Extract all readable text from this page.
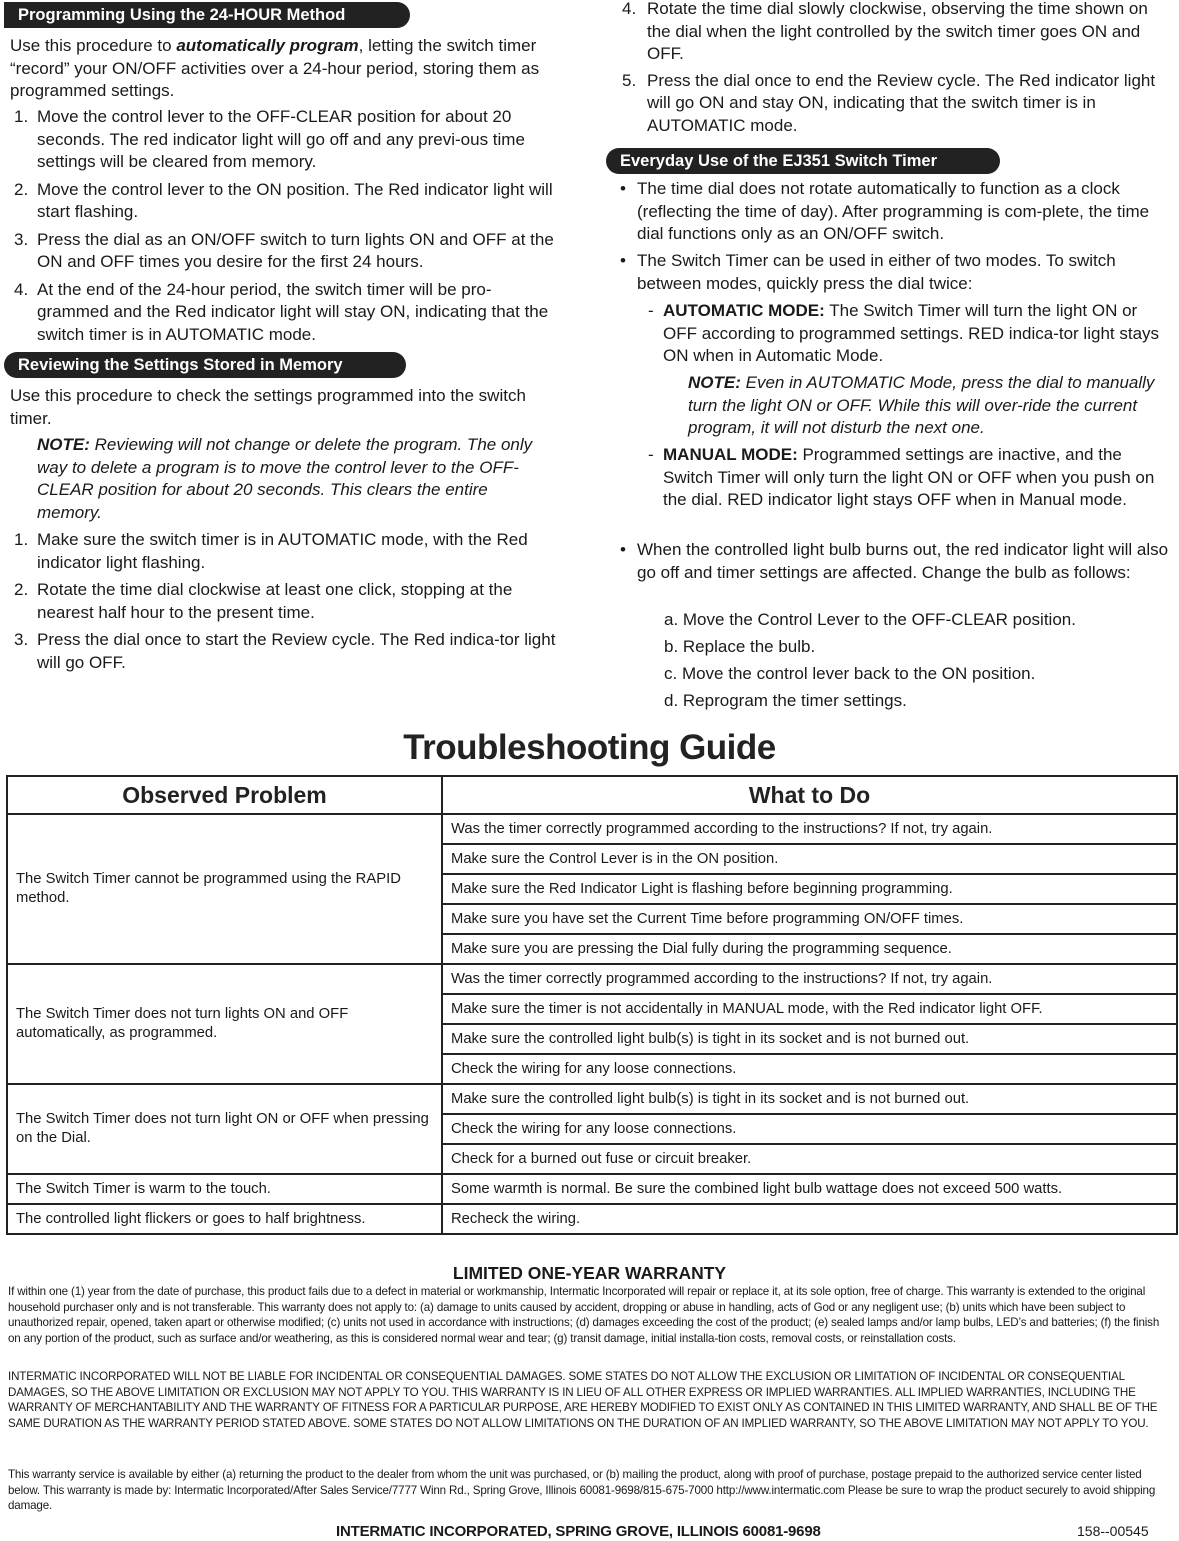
Programming Using the 24-HOUR Method

Use this procedure to automatically program, letting the switch timer “record” your ON/OFF activities over a 24-hour period, storing them as programmed settings.

1. Move the control lever to the OFF-CLEAR position for about 20 seconds. The red indicator light will go off and any previ-ous time settings will be cleared from memory.
2. Move the control lever to the ON position. The Red indicator light will start flashing.
3. Press the dial as an ON/OFF switch to turn lights ON and OFF at the ON and OFF times you desire for the first 24 hours.
4. At the end of the 24-hour period, the switch timer will be pro-grammed and the Red indicator light will stay ON, indicating that the switch timer is in AUTOMATIC mode.
Reviewing the Settings Stored in Memory

Use this procedure to check the settings programmed into the switch timer.

NOTE: Reviewing will not change or delete the program. The only way to delete a program is to move the control lever to the OFF-CLEAR position for about 20 seconds. This clears the entire memory.

1. Make sure the switch timer is in AUTOMATIC mode, with the Red indicator light flashing.
2. Rotate the time dial clockwise at least one click, stopping at the nearest half hour to the present time.
3. Press the dial once to start the Review cycle. The Red indica-tor light will go OFF.
4. Rotate the time dial slowly clockwise, observing the time shown on the dial when the light controlled by the switch timer goes ON and OFF.
5. Press the dial once to end the Review cycle. The Red indicator light will go ON and stay ON, indicating that the switch timer is in AUTOMATIC mode.
Everyday Use of the EJ351 Switch Timer
• The time dial does not rotate automatically to function as a clock (reflecting the time of day). After programming is com-plete, the time dial functions only as an ON/OFF switch.
• The Switch Timer can be used in either of two modes. To switch between modes, quickly press the dial twice:
- AUTOMATIC MODE: The Switch Timer will turn the light ON or OFF according to programmed settings. RED indica-tor light stays ON when in Automatic Mode.

NOTE: Even in AUTOMATIC Mode, press the dial to manually turn the light ON or OFF. While this will over-ride the current program, it will not disturb the next one.

- MANUAL MODE: Programmed settings are inactive, and the Switch Timer will only turn the light ON or OFF when you push on the dial. RED indicator light stays OFF when in Manual mode.
• When the controlled light bulb burns out, the red indicator light will also go off and timer settings are affected. Change the bulb as follows:
a. Move the Control Lever to the OFF-CLEAR position.
b. Replace the bulb.
c. Move the control lever back to the ON position.
d. Reprogram the timer settings.
Troubleshooting Guide
Observed Problem	What to Do
The Switch Timer cannot be programmed using the RAPID method.	Was the timer correctly programmed according to the instructions? If not, try again.
	Make sure the Control Lever is in the ON position.
	Make sure the Red Indicator Light is flashing before beginning programming.
	Make sure you have set the Current Time before programming ON/OFF times.
	Make sure you are pressing the Dial fully during the programming sequence.
The Switch Timer does not turn lights ON and OFF automatically, as programmed.	Was the timer correctly programmed according to the instructions? If not, try again.
	Make sure the timer is not accidentally in MANUAL mode, with the Red indicator light OFF.
	Make sure the controlled light bulb(s) is tight in its socket and is not burned out.
	Check the wiring for any loose connections.
The Switch Timer does not turn light ON or OFF when pressing on the Dial.	Make sure the controlled light bulb(s) is tight in its socket and is not burned out.
	Check the wiring for any loose connections.
	Check for a burned out fuse or circuit breaker.
The Switch Timer is warm to the touch.	Some warmth is normal. Be sure the combined light bulb wattage does not exceed 500 watts.
The controlled light flickers or goes to half brightness.	Recheck the wiring.
LIMITED ONE-YEAR WARRANTY

If within one (1) year from the date of purchase, this product fails due to a defect in material or workmanship, Intermatic Incorporated will repair or replace it, at its sole option, free of charge. This warranty is extended to the original household purchaser only and is not transferable. This warranty does not apply to: (a) damage to units caused by accident, dropping or abuse in handling, acts of God or any negligent use; (b) units which have been subject to unauthorized repair, opened, taken apart or otherwise modified; (c) units not used in accordance with instructions; (d) damages exceeding the cost of the product; (e) sealed lamps and/or lamp bulbs, LED’s and batteries; (f) the finish on any portion of the product, such as surface and/or weathering, as this is considered normal wear and tear; (g) transit damage, initial installa-tion costs, removal costs, or reinstallation costs.

INTERMATIC INCORPORATED WILL NOT BE LIABLE FOR INCIDENTAL OR CONSEQUENTIAL DAMAGES. SOME STATES DO NOT ALLOW THE EXCLUSION OR LIMITATION OF INCIDENTAL OR CONSEQUENTIAL DAMAGES, SO THE ABOVE LIMITATION OR EXCLUSION MAY NOT APPLY TO YOU. THIS WARRANTY IS IN LIEU OF ALL OTHER EXPRESS OR IMPLIED WARRANTIES. ALL IMPLIED WARRANTIES, INCLUDING THE WARRANTY OF MERCHANTABILITY AND THE WARRANTY OF FITNESS FOR A PARTICULAR PURPOSE, ARE HEREBY MODIFIED TO EXIST ONLY AS CONTAINED IN THIS LIMITED WARRANTY, AND SHALL BE OF THE SAME DURATION AS THE WARRANTY PERIOD STATED ABOVE. SOME STATES DO NOT ALLOW LIMITATIONS ON THE DURATION OF AN IMPLIED WARRANTY, SO THE ABOVE LIMITATION MAY NOT APPLY TO YOU.

This warranty service is available by either (a) returning the product to the dealer from whom the unit was purchased, or (b) mailing the product, along with proof of purchase, postage prepaid to the authorized service center listed below. This warranty is made by: Intermatic Incorporated/After Sales Service/7777 Winn Rd., Spring Grove, Illinois 60081-9698/815-675-7000 http://www.intermatic.com Please be sure to wrap the product securely to avoid shipping damage.

INTERMATIC INCORPORATED, SPRING GROVE, ILLINOIS 60081-9698	158--00545
